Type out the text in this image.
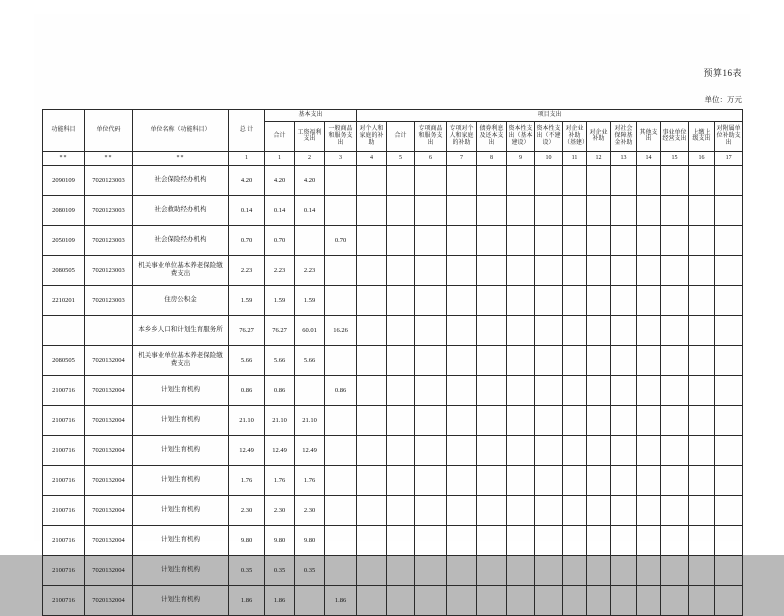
预算16表
单位：万元
功能科目	单位代码	单位名称（功能科目）	总 计	基本支出			项目支出													
				合计	工资福利支出	一般商品和服务支出	对个人和家庭的补助	合计	专项商品和服务支出	专项对个人和家庭的补助	债券利息及还本支出	资本性支出（基本建设）	资本性支出（不建设）	对企业补助（基建）	对企业补助	对社会保障基金补助	其他支出	事业单位经营支出	上缴上级支出	对附属单位补助支出
**	**	**	1	1	2	3	4	5	6	7	8	9	10	11	12	13	14	15	16	17
2090109	7020123003	社会保险经办机构	4.20	4.20	4.20															
2080109	7020123003	社会救助经办机构	0.14	0.14	0.14															
2050109	7020123003	社会保险经办机构	0.70	0.70		0.70														
2080505	7020123003	机关事业单位基本养老保险缴费支出	2.23	2.23	2.23															
2210201	7020123003	住房公积金	1.59	1.59	1.59															
		本乡乡人口和计划生育服务所	76.27	76.27	60.01	16.26														
2080505	7020132004	机关事业单位基本养老保险缴费支出	5.66	5.66	5.66															
2100716	7020132004	计划生育机构	0.86	0.86		0.86														
2100716	7020132004	计划生育机构	21.10	21.10	21.10															
2100716	7020132004	计划生育机构	12.49	12.49	12.49															
2100716	7020132004	计划生育机构	1.76	1.76	1.76															
2100716	7020132004	计划生育机构	2.30	2.30	2.30															
2100716	7020132004	计划生育机构	9.80	9.80	9.80															
2100716	7020132004	计划生育机构	0.35	0.35	0.35															
2100716	7020132004	计划生育机构	1.86	1.86		1.86														
